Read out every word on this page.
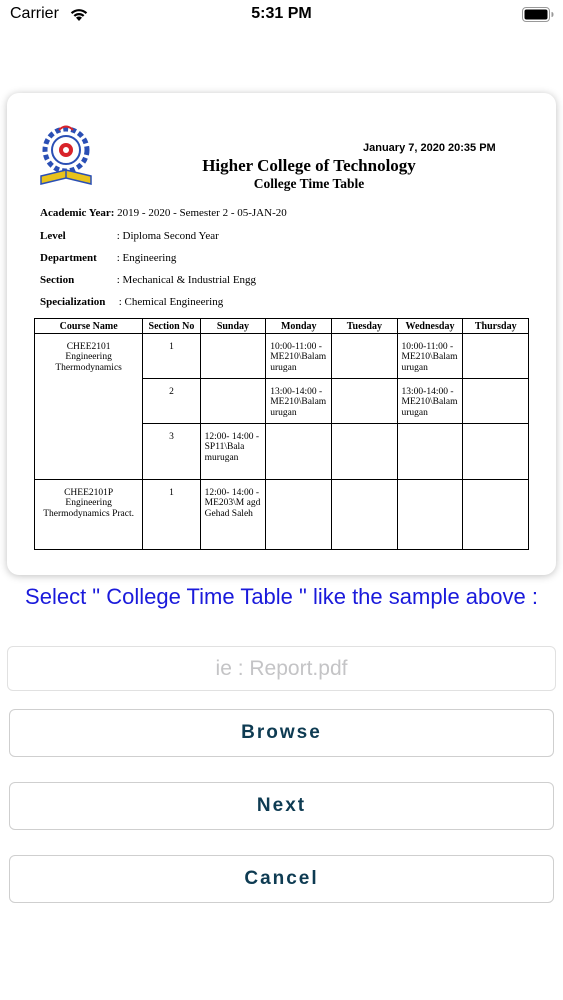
Carrier	5:31 PM
January 7, 2020 20:35 PM
Higher College of Technology
College Time Table
Academic Year: 2019 - 2020 - Semester 2 - 05-JAN-20
Level	: Diploma Second Year
Department : Engineering
Section	: Mechanical & Industrial Engg
Specialization : Chemical Engineering
Course Name	Section No	Sunday	Monday	Tuesday	Wednesday	Thursday

CHEE2101
Engineering Thermodynamics	1		10:00-11:00 - ME210\Balam urugan		10:00-11:00 - ME210\Balam urugan	
	2		13:00-14:00 - ME210\Balam urugan		13:00-14:00 - ME210\Balam urugan	
	3	12:00- 14:00 - SP11\Bala murugan				

CHEE2101P
Engineering Thermodynamics Pract.	1	12:00- 14:00 - ME203\M agd Gehad Saleh				
Select " College Time Table " like the sample above :
ie : Report.pdf
Browse
Next
Cancel
